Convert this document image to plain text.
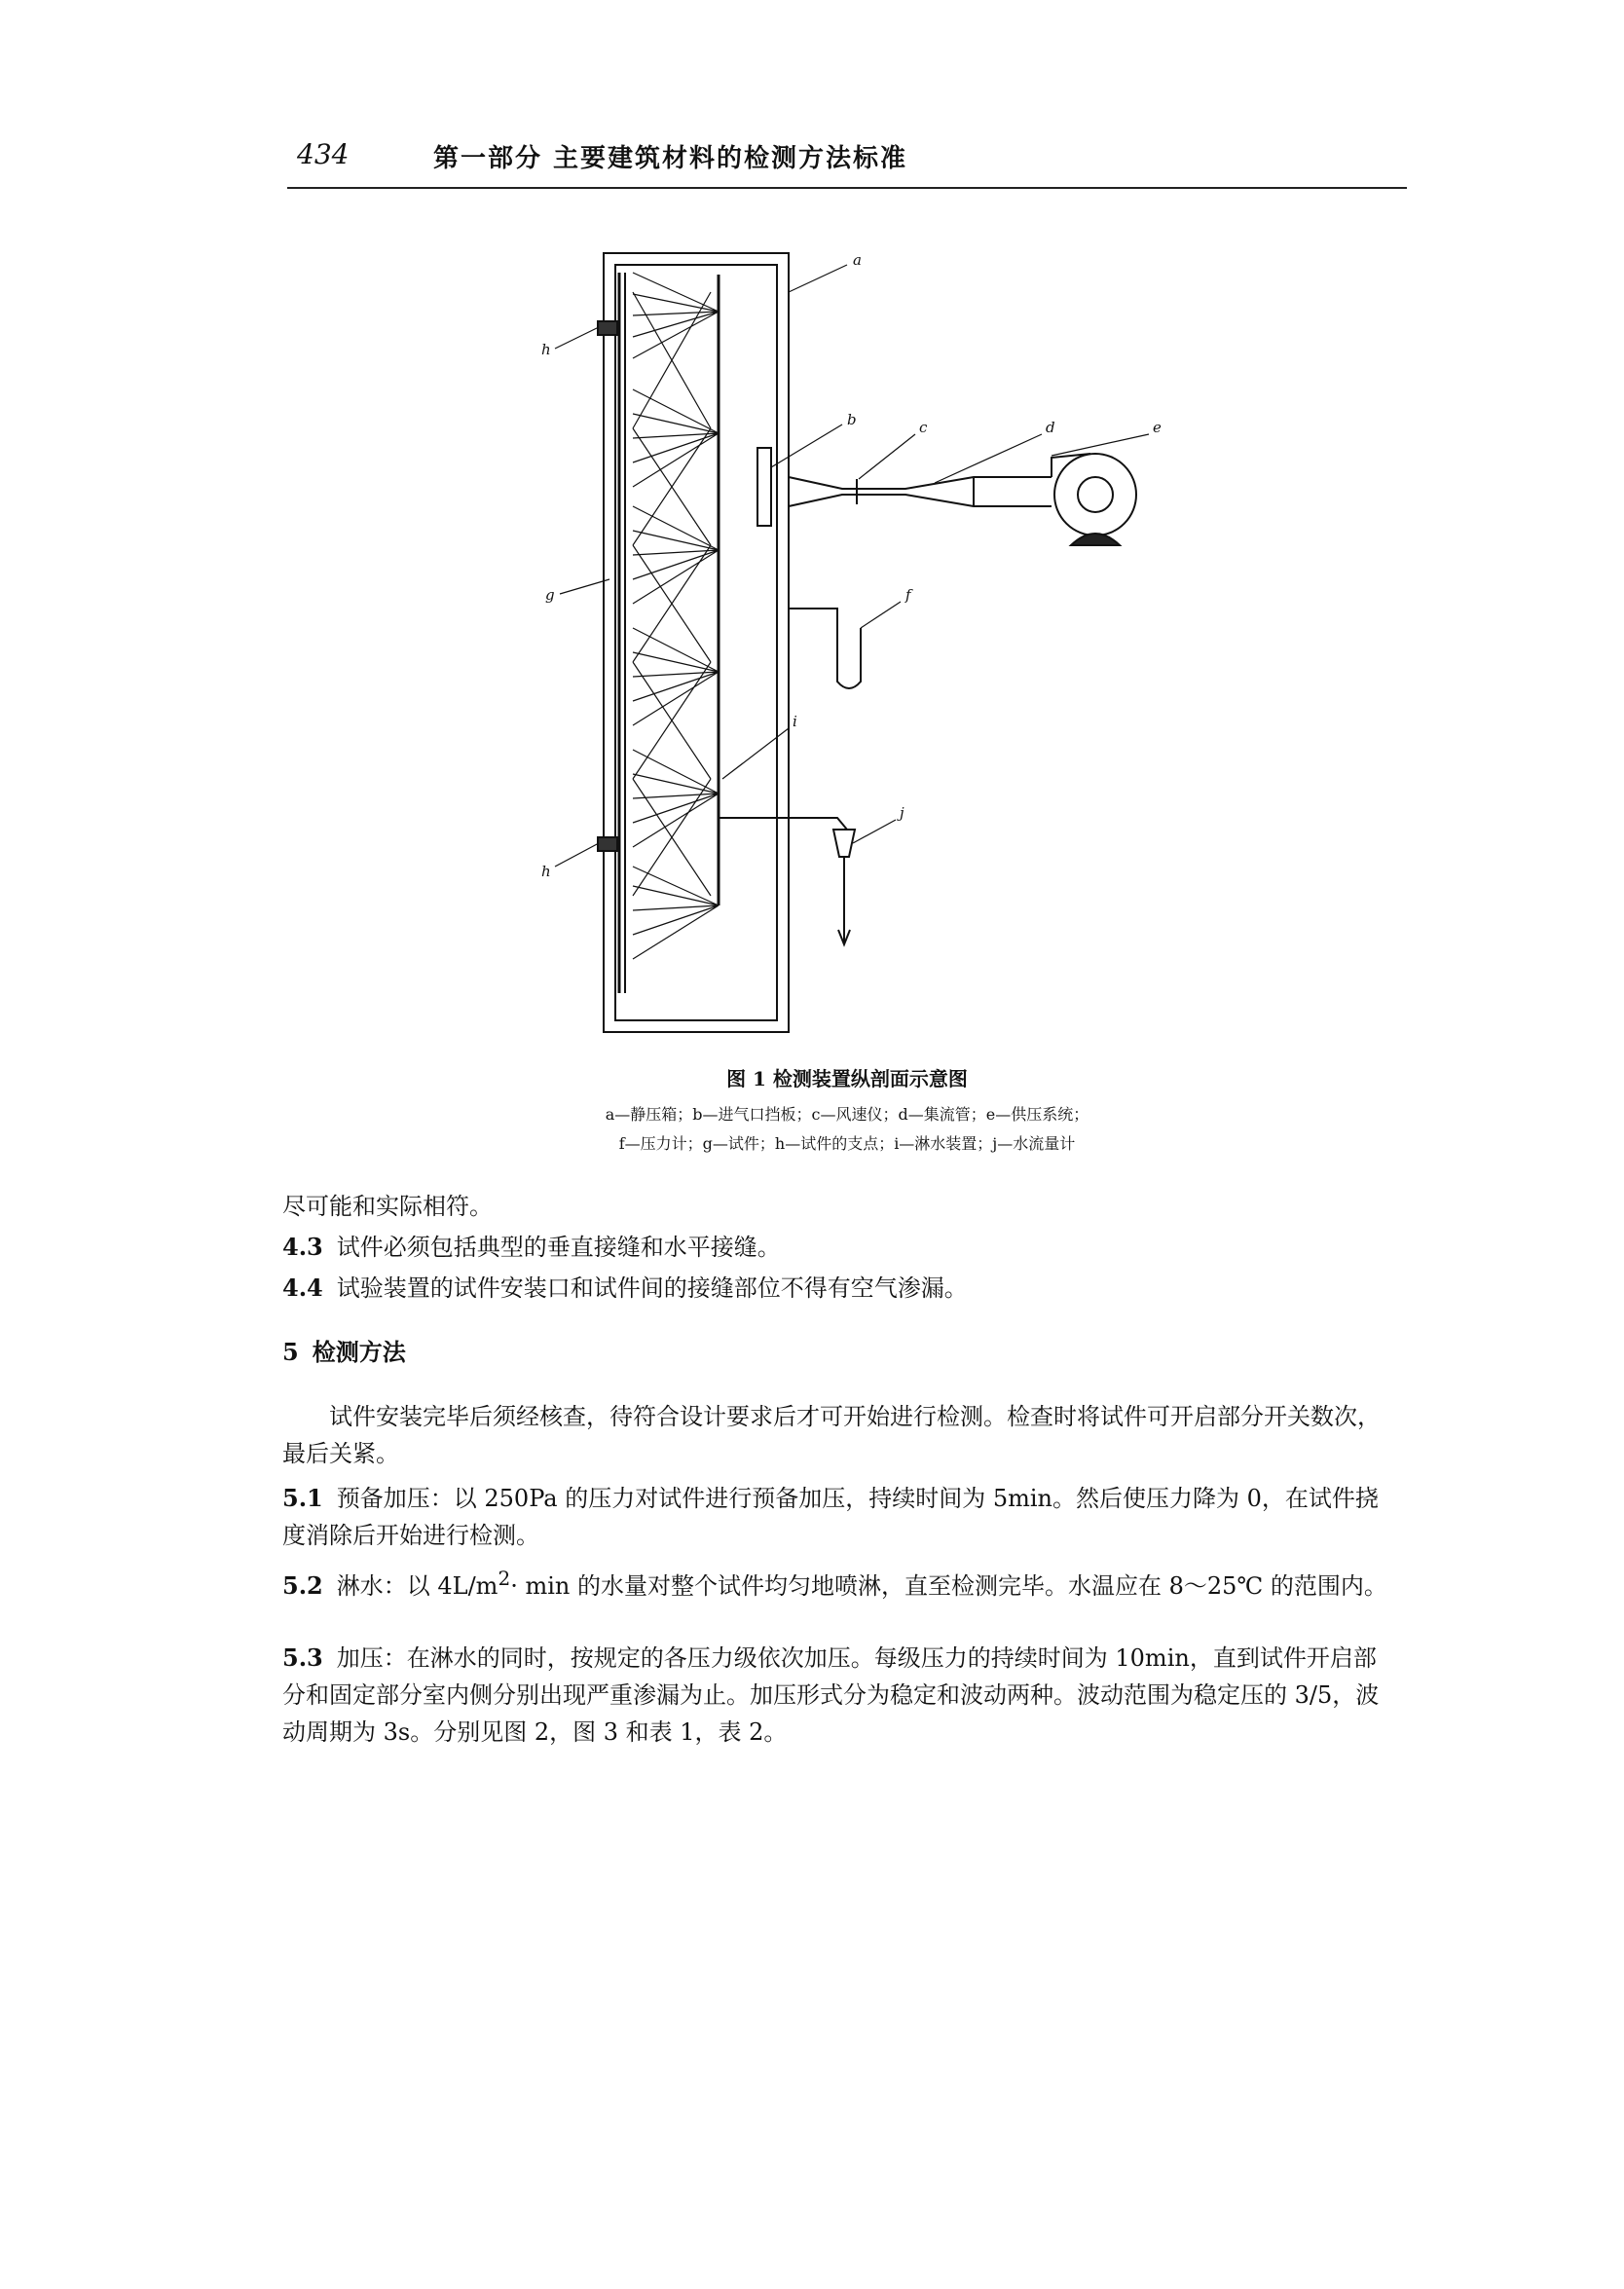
434	第一部分 主要建筑材料的检测方法标准
a
b	c	d	e
f
g
h
h
i
j
图 1 检测装置纵剖面示意图
a—静压箱；b—进气口挡板；c—风速仪；d—集流管；e—供压系统；
f—压力计；g—试件；h—试件的支点；i—淋水装置；j—水流量计
尽可能和实际相符。
4.3 试件必须包括典型的垂直接缝和水平接缝。
4.4 试验装置的试件安装口和试件间的接缝部位不得有空气渗漏。
5 检测方法
试件安装完毕后须经核查，待符合设计要求后才可开始进行检测。检查时将试件可开启部分开关数次，最后关紧。
5.1 预备加压：以 250Pa 的压力对试件进行预备加压，持续时间为 5min。然后使压力降为 0，在试件挠度消除后开始进行检测。
5.2 淋水：以 $4L/m^2\cdot \min$ 的水量对整个试件均匀地喷淋，直至检测完毕。水温应在 8～25℃ 的范围内。
5.3 加压：在淋水的同时，按规定的各压力级依次加压。每级压力的持续时间为 10min，直到试件开启部分和固定部分室内侧分别出现严重渗漏为止。加压形式分为稳定和波动两种。波动范围为稳定压的 3/5，波动周期为 3s。分别见图 2，图 3 和表 1，表 2。
